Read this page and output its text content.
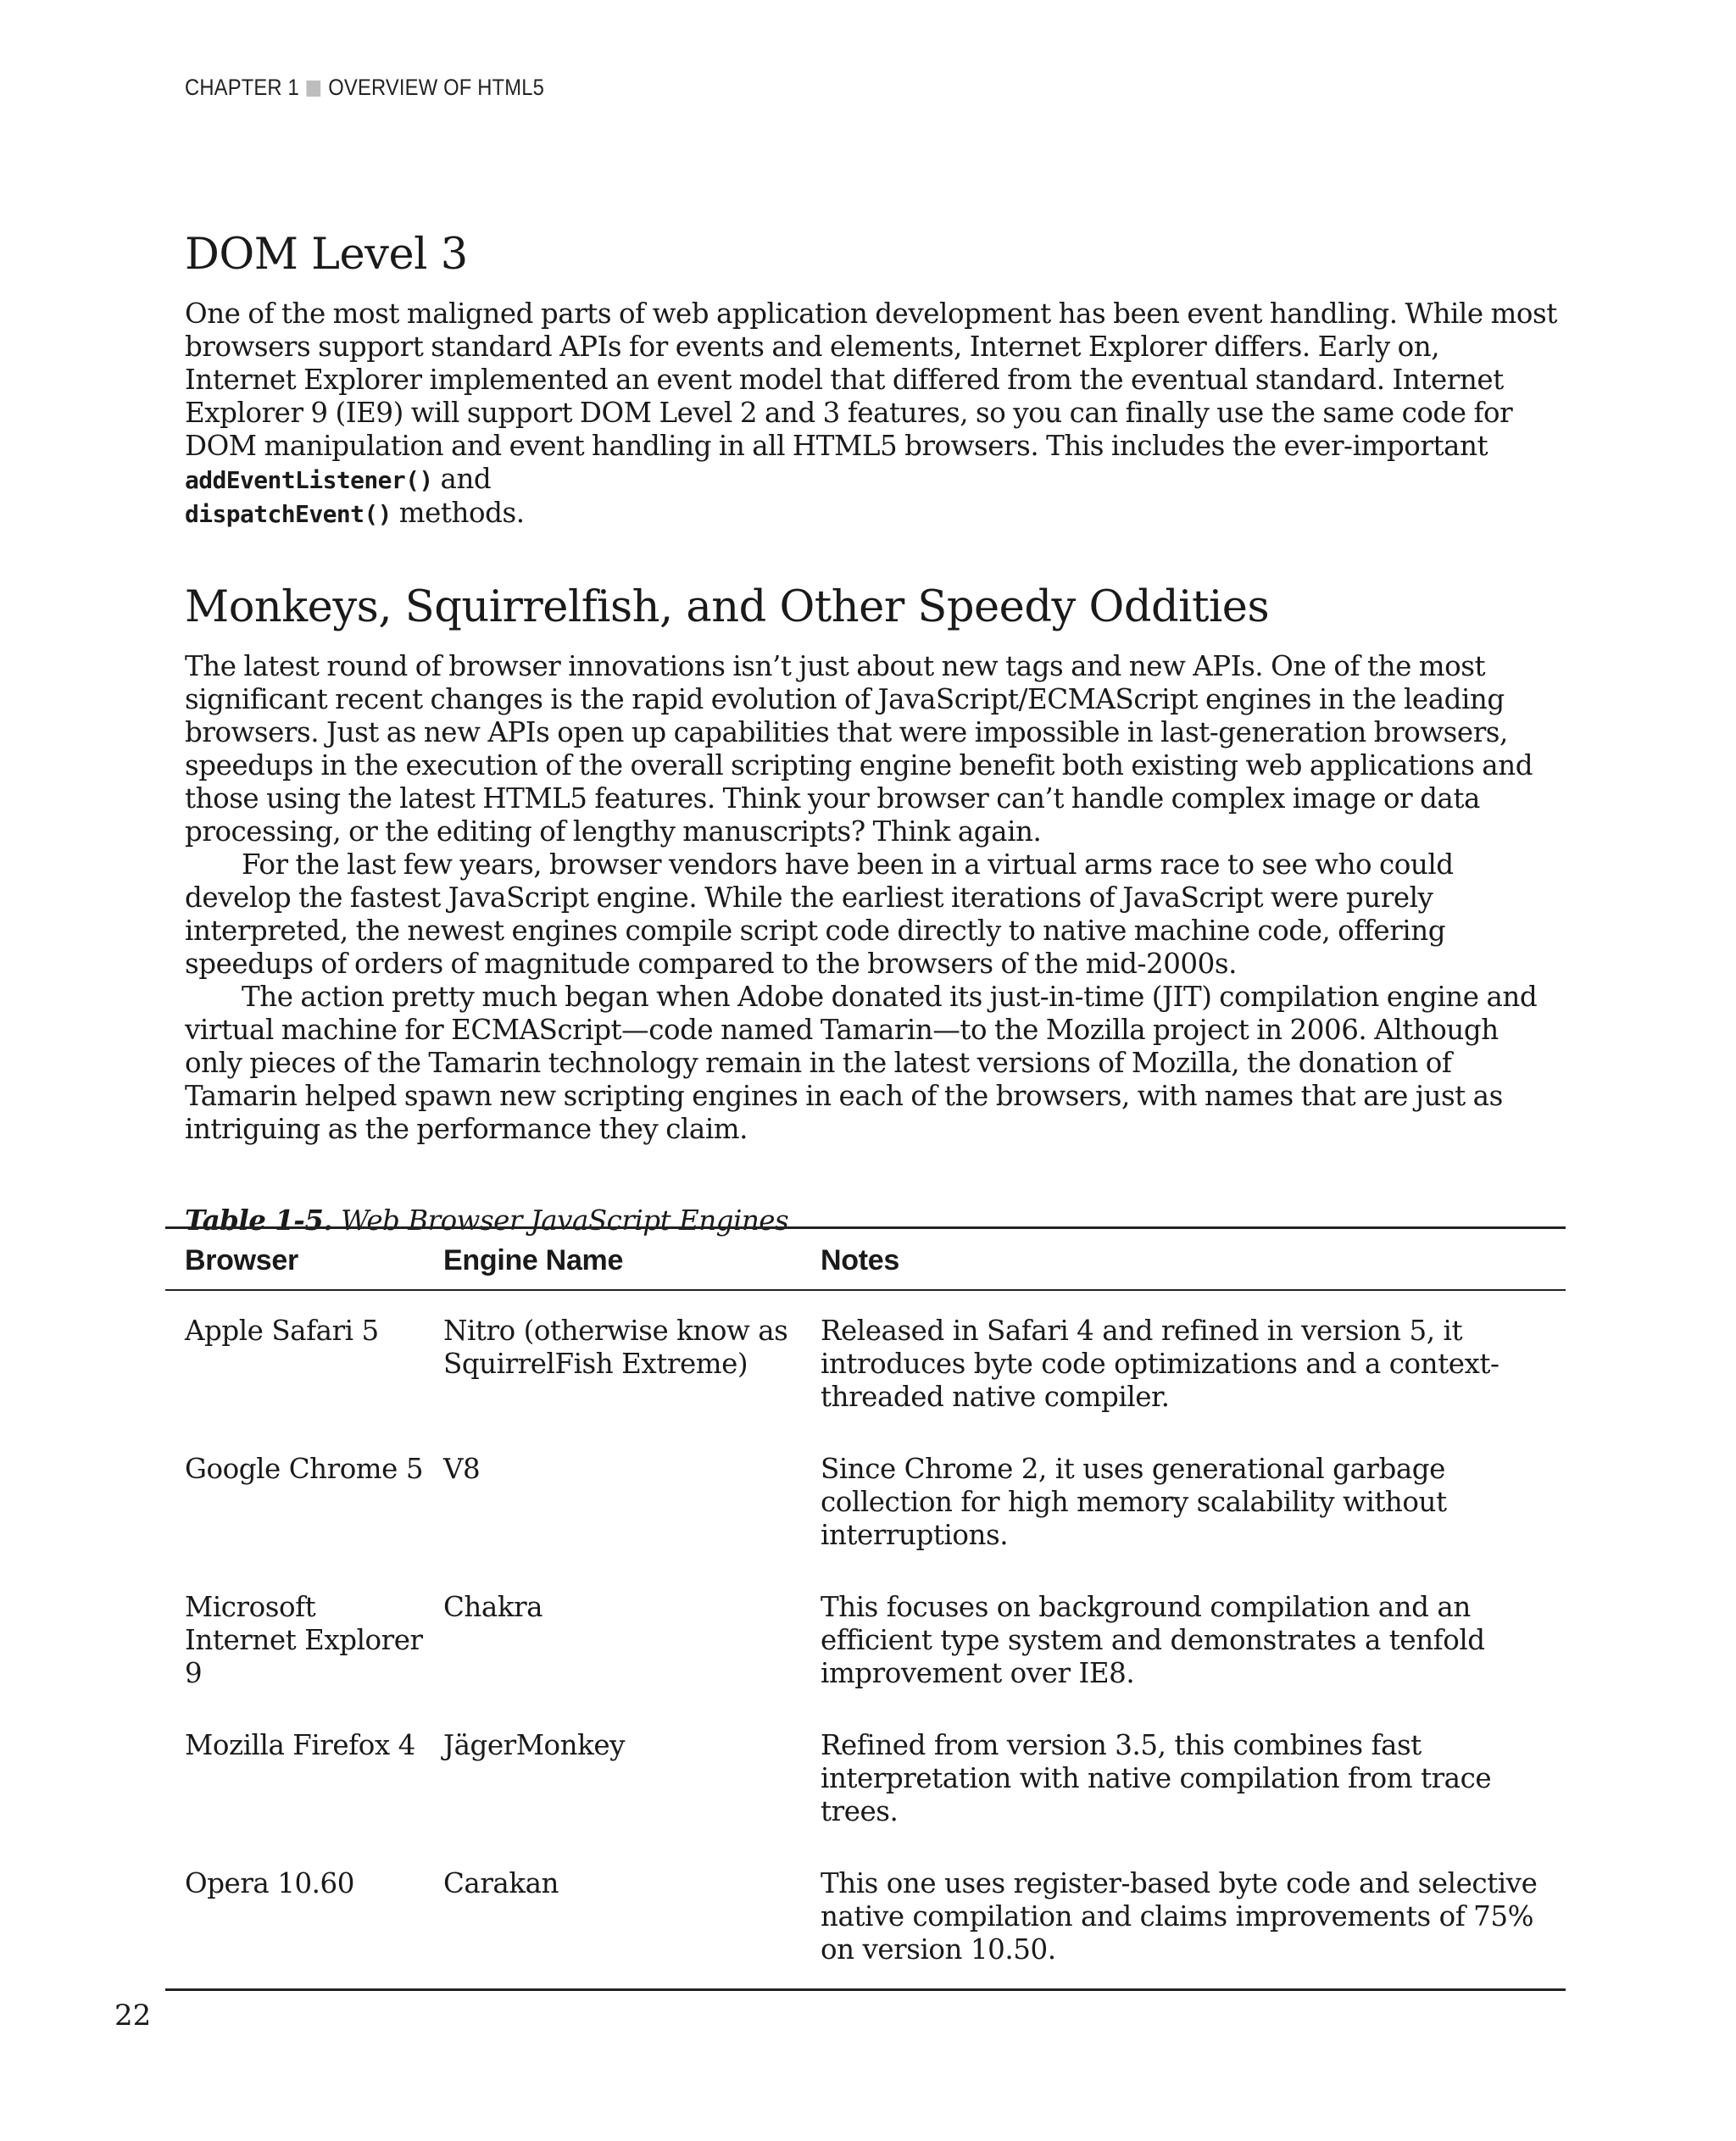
CHAPTER 1 OVERVIEW OF HTML5
DOM Level 3

One of the most maligned parts of web application development has been event handling. While most browsers support standard APIs for events and elements, Internet Explorer differs. Early on, Internet Explorer implemented an event model that differed from the eventual standard. Internet Explorer 9 (IE9) will support DOM Level 2 and 3 features, so you can finally use the same code for DOM manipulation and event handling in all HTML5 browsers. This includes the ever-important addEventListener() and
dispatchEvent() methods.

Monkeys, Squirrelfish, and Other Speedy Oddities

The latest round of browser innovations isn’t just about new tags and new APIs. One of the most significant recent changes is the rapid evolution of JavaScript/ECMAScript engines in the leading browsers. Just as new APIs open up capabilities that were impossible in last-generation browsers, speedups in the execution of the overall scripting engine benefit both existing web applications and those using the latest HTML5 features. Think your browser can’t handle complex image or data processing, or the editing of lengthy manuscripts? Think again.

For the last few years, browser vendors have been in a virtual arms race to see who could develop the fastest JavaScript engine. While the earliest iterations of JavaScript were purely interpreted, the newest engines compile script code directly to native machine code, offering speedups of orders of magnitude compared to the browsers of the mid-2000s.

The action pretty much began when Adobe donated its just-in-time (JIT) compilation engine and virtual machine for ECMAScript—code named Tamarin—to the Mozilla project in 2006. Although only pieces of the Tamarin technology remain in the latest versions of Mozilla, the donation of Tamarin helped spawn new scripting engines in each of the browsers, with names that are just as intriguing as the performance they claim.

Table 1-5. Web Browser JavaScript Engines
Browser	Engine Name	Notes
Apple Safari 5	Nitro (otherwise know as SquirrelFish Extreme)	Released in Safari 4 and refined in version 5, it introduces byte code optimizations and a context-threaded native compiler.
Google Chrome 5	V8	Since Chrome 2, it uses generational garbage collection for high memory scalability without interruptions.
Microsoft Internet Explorer 9	Chakra	This focuses on background compilation and an efficient type system and demonstrates a tenfold improvement over IE8.
Mozilla Firefox 4	JägerMonkey	Refined from version 3.5, this combines fast interpretation with native compilation from trace trees.
Opera 10.60	Carakan	This one uses register-based byte code and selective native compilation and claims improvements of 75% on version 10.50.
22
